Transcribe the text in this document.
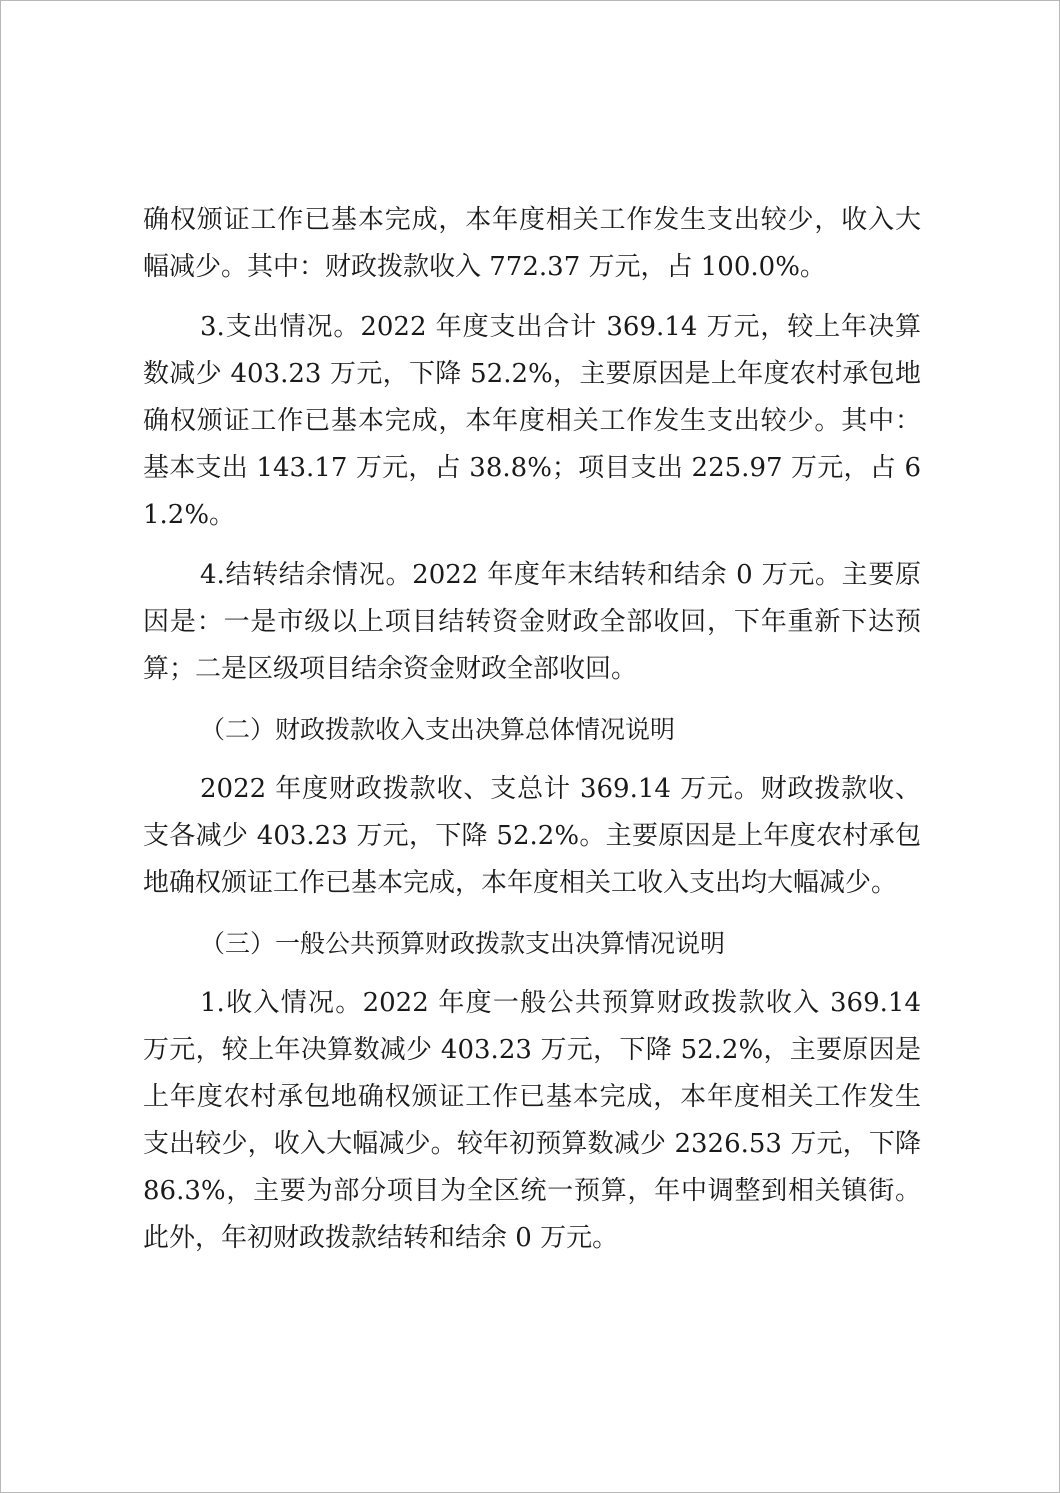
确权颁证工作已基本完成，本年度相关工作发生支出较少，收入大幅减少。其中：财政拨款收入 772.37 万元，占 100.0%。

3.支出情况。2022 年度支出合计 369.14 万元，较上年决算数减少 403.23 万元，下降 52.2%，主要原因是上年度农村承包地确权颁证工作已基本完成，本年度相关工作发生支出较少。其中：基本支出 143.17 万元，占 38.8%；项目支出 225.97 万元，占 61.2%。

4.结转结余情况。2022 年度年末结转和结余 0 万元。主要原因是：一是市级以上项目结转资金财政全部收回，下年重新下达预算；二是区级项目结余资金财政全部收回。

（二）财政拨款收入支出决算总体情况说明

2022 年度财政拨款收、支总计 369.14 万元。财政拨款收、支各减少 403.23 万元，下降 52.2%。主要原因是上年度农村承包地确权颁证工作已基本完成，本年度相关工收入支出均大幅减少。

（三）一般公共预算财政拨款支出决算情况说明

1.收入情况。2022 年度一般公共预算财政拨款收入 369.14 万元，较上年决算数减少 403.23 万元，下降 52.2%，主要原因是上年度农村承包地确权颁证工作已基本完成，本年度相关工作发生支出较少，收入大幅减少。较年初预算数减少 2326.53 万元，下降 86.3%，主要为部分项目为全区统一预算，年中调整到相关镇街。此外，年初财政拨款结转和结余 0 万元。
